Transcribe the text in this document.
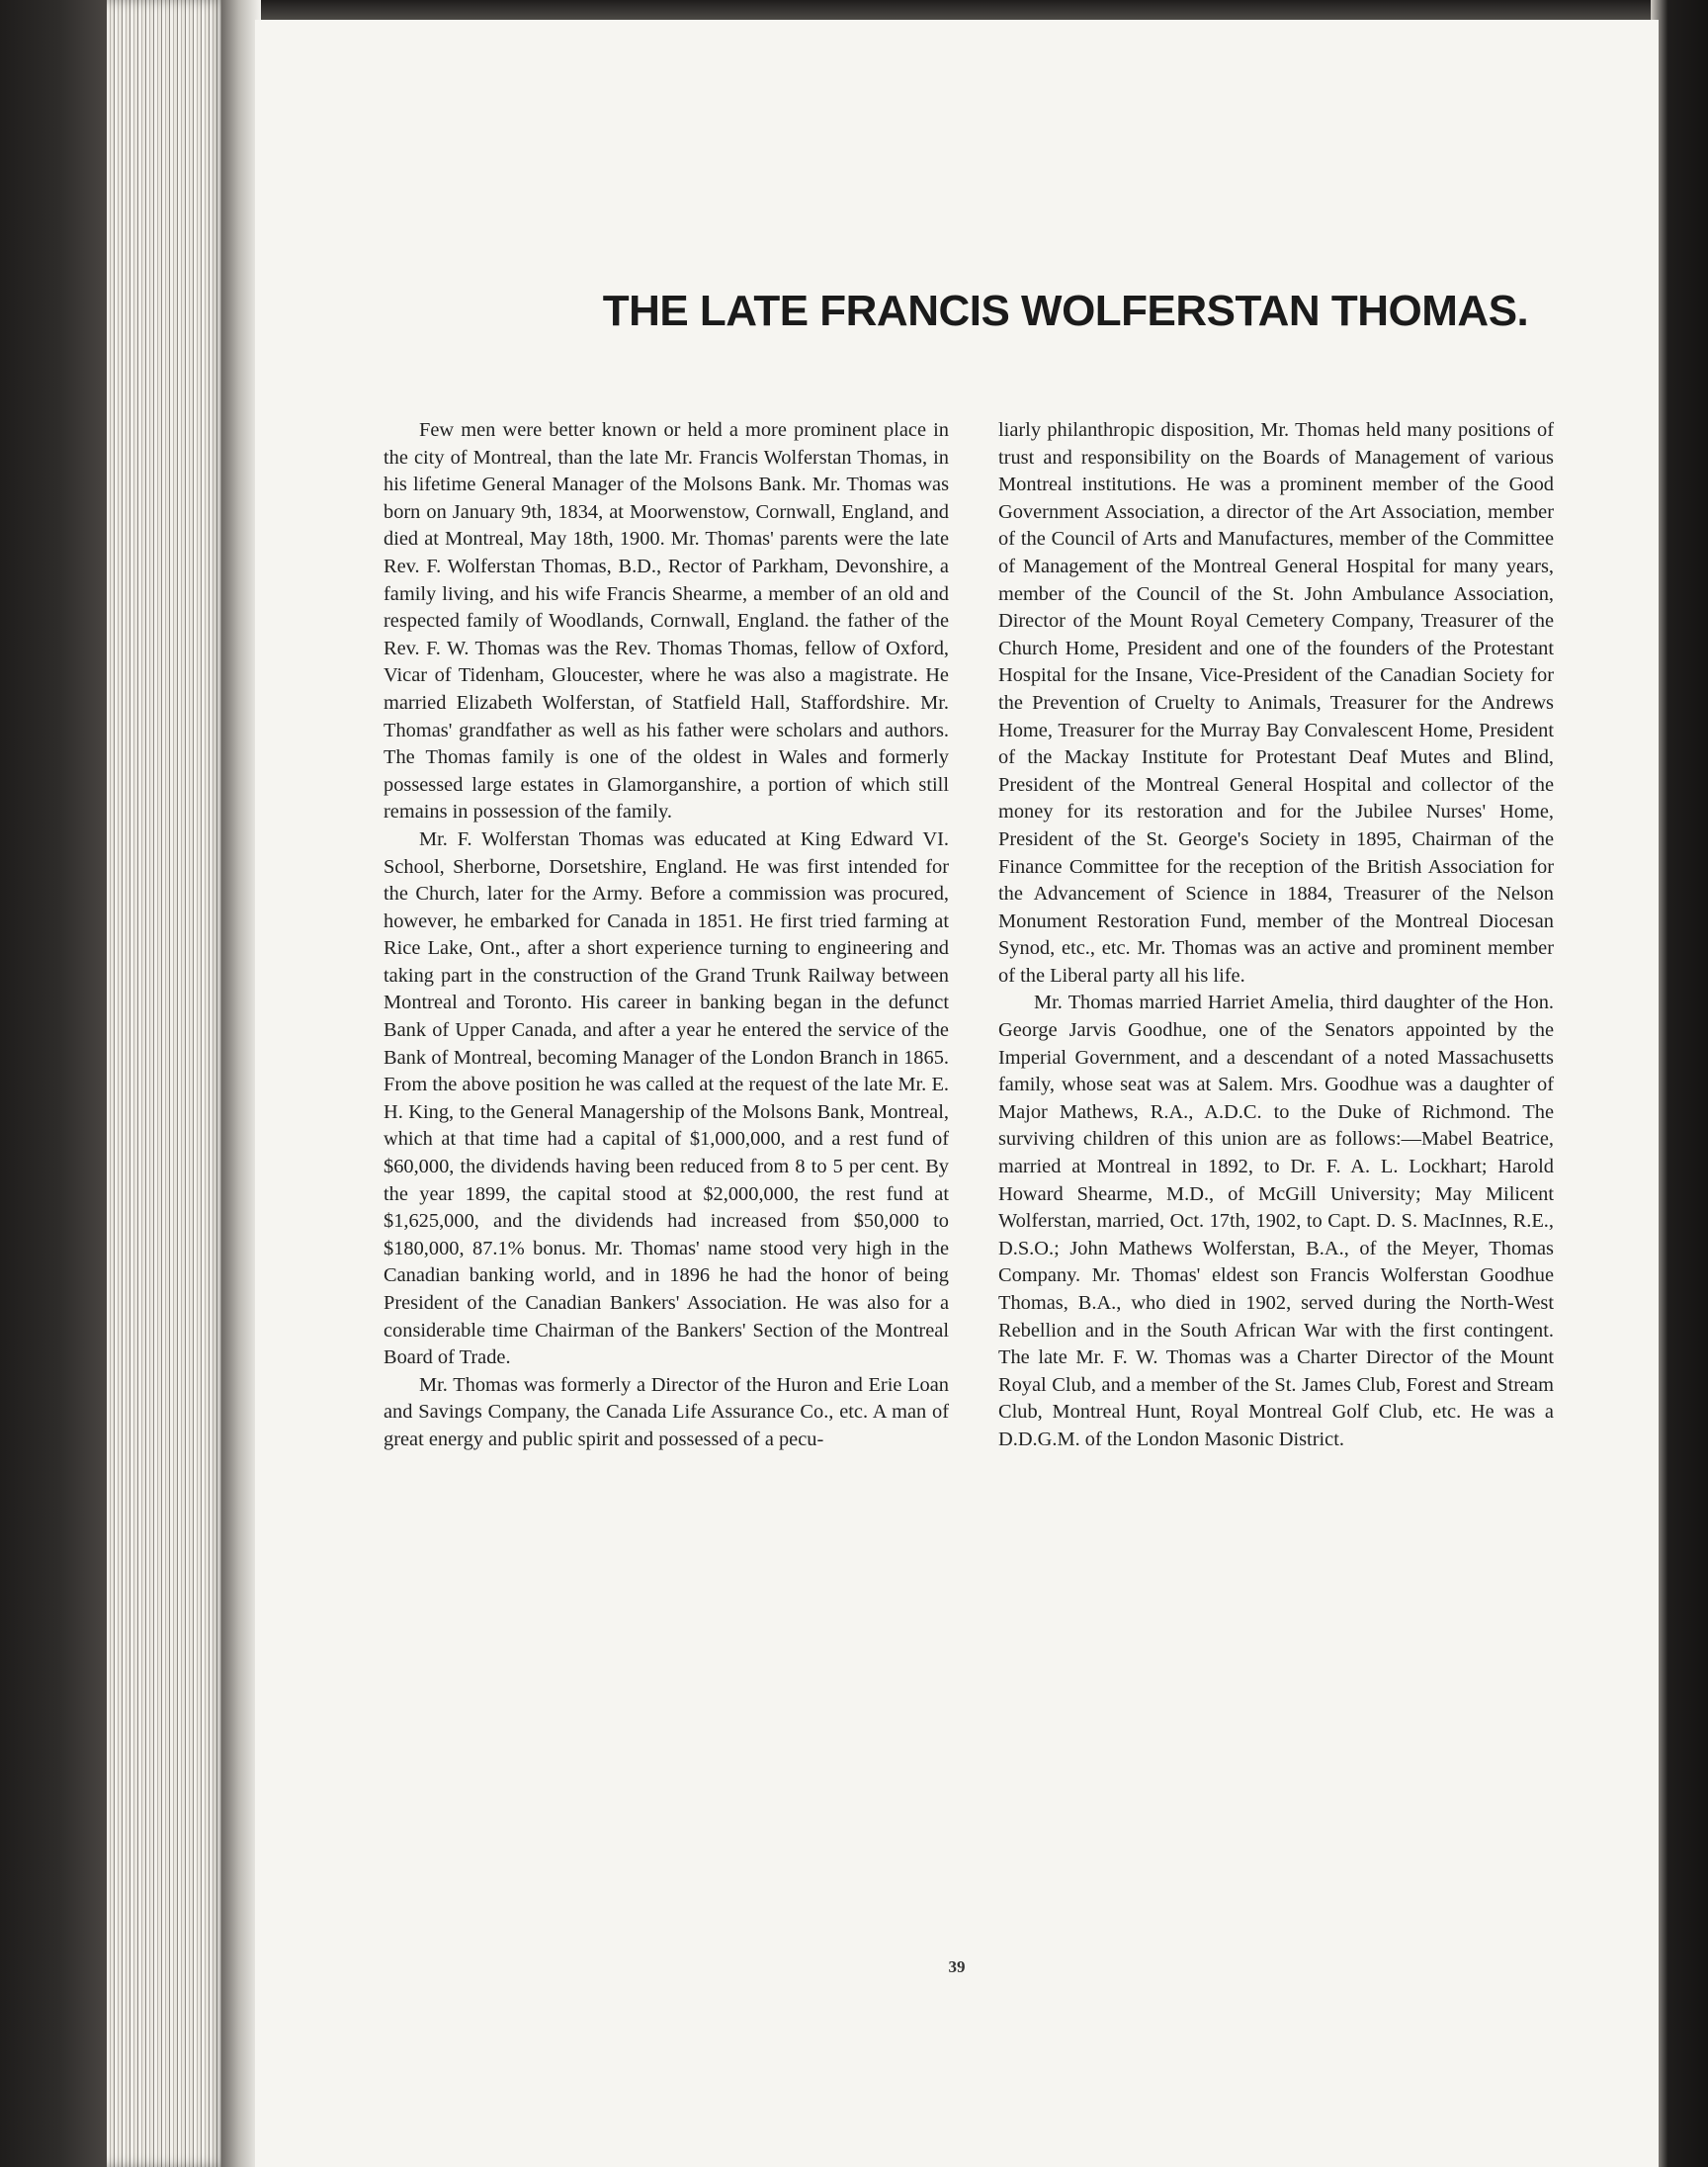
THE LATE FRANCIS WOLFERSTAN THOMAS.

Few men were better known or held a more prominent place in the city of Montreal, than the late Mr. Francis Wolferstan Thomas, in his lifetime General Manager of the Molsons Bank. Mr. Thomas was born on January 9th, 1834, at Moorwenstow, Cornwall, England, and died at Montreal, May 18th, 1900. Mr. Thomas' parents were the late Rev. F. Wolferstan Thomas, B.D., Rector of Parkham, Devonshire, a family living, and his wife Francis Shearme, a member of an old and respected family of Woodlands, Cornwall, England. the father of the Rev. F. W. Thomas was the Rev. Thomas Thomas, fellow of Oxford, Vicar of Tidenham, Gloucester, where he was also a magistrate. He married Elizabeth Wolferstan, of Statfield Hall, Staffordshire. Mr. Thomas' grandfather as well as his father were scholars and authors. The Thomas family is one of the oldest in Wales and formerly possessed large estates in Glamorganshire, a portion of which still remains in possession of the family.

Mr. F. Wolferstan Thomas was educated at King Edward VI. School, Sherborne, Dorsetshire, England. He was first intended for the Church, later for the Army. Before a commission was procured, however, he embarked for Canada in 1851. He first tried farming at Rice Lake, Ont., after a short experience turning to engineering and taking part in the construction of the Grand Trunk Railway between Montreal and Toronto. His career in banking began in the defunct Bank of Upper Canada, and after a year he entered the service of the Bank of Montreal, becoming Manager of the London Branch in 1865. From the above position he was called at the request of the late Mr. E. H. King, to the General Managership of the Molsons Bank, Montreal, which at that time had a capital of $1,000,000, and a rest fund of $60,000, the dividends having been reduced from 8 to 5 per cent. By the year 1899, the capital stood at $2,000,000, the rest fund at $1,625,000, and the dividends had increased from $50,000 to $180,000, 87.1% bonus. Mr. Thomas' name stood very high in the Canadian banking world, and in 1896 he had the honor of being President of the Canadian Bankers' Association. He was also for a considerable time Chairman of the Bankers' Section of the Montreal Board of Trade.

Mr. Thomas was formerly a Director of the Huron and Erie Loan and Savings Company, the Canada Life Assurance Co., etc. A man of great energy and public spirit and possessed of a pecu-

liarly philanthropic disposition, Mr. Thomas held many positions of trust and responsibility on the Boards of Management of various Montreal institutions. He was a prominent member of the Good Government Association, a director of the Art Association, member of the Council of Arts and Manufactures, member of the Committee of Management of the Montreal General Hospital for many years, member of the Council of the St. John Ambulance Association, Director of the Mount Royal Cemetery Company, Treasurer of the Church Home, President and one of the founders of the Protestant Hospital for the Insane, Vice-President of the Canadian Society for the Prevention of Cruelty to Animals, Treasurer for the Andrews Home, Treasurer for the Murray Bay Convalescent Home, President of the Mackay Institute for Protestant Deaf Mutes and Blind, President of the Montreal General Hospital and collector of the money for its restoration and for the Jubilee Nurses' Home, President of the St. George's Society in 1895, Chairman of the Finance Committee for the reception of the British Association for the Advancement of Science in 1884, Treasurer of the Nelson Monument Restoration Fund, member of the Montreal Diocesan Synod, etc., etc. Mr. Thomas was an active and prominent member of the Liberal party all his life.

Mr. Thomas married Harriet Amelia, third daughter of the Hon. George Jarvis Goodhue, one of the Senators appointed by the Imperial Government, and a descendant of a noted Massachusetts family, whose seat was at Salem. Mrs. Goodhue was a daughter of Major Mathews, R.A., A.D.C. to the Duke of Richmond. The surviving children of this union are as follows:—Mabel Beatrice, married at Montreal in 1892, to Dr. F. A. L. Lockhart; Harold Howard Shearme, M.D., of McGill University; May Milicent Wolferstan, married, Oct. 17th, 1902, to Capt. D. S. MacInnes, R.E., D.S.O.; John Mathews Wolferstan, B.A., of the Meyer, Thomas Company. Mr. Thomas' eldest son Francis Wolferstan Goodhue Thomas, B.A., who died in 1902, served during the North-West Rebellion and in the South African War with the first contingent. The late Mr. F. W. Thomas was a Charter Director of the Mount Royal Club, and a member of the St. James Club, Forest and Stream Club, Montreal Hunt, Royal Montreal Golf Club, etc. He was a D.D.G.M. of the London Masonic District.

39
